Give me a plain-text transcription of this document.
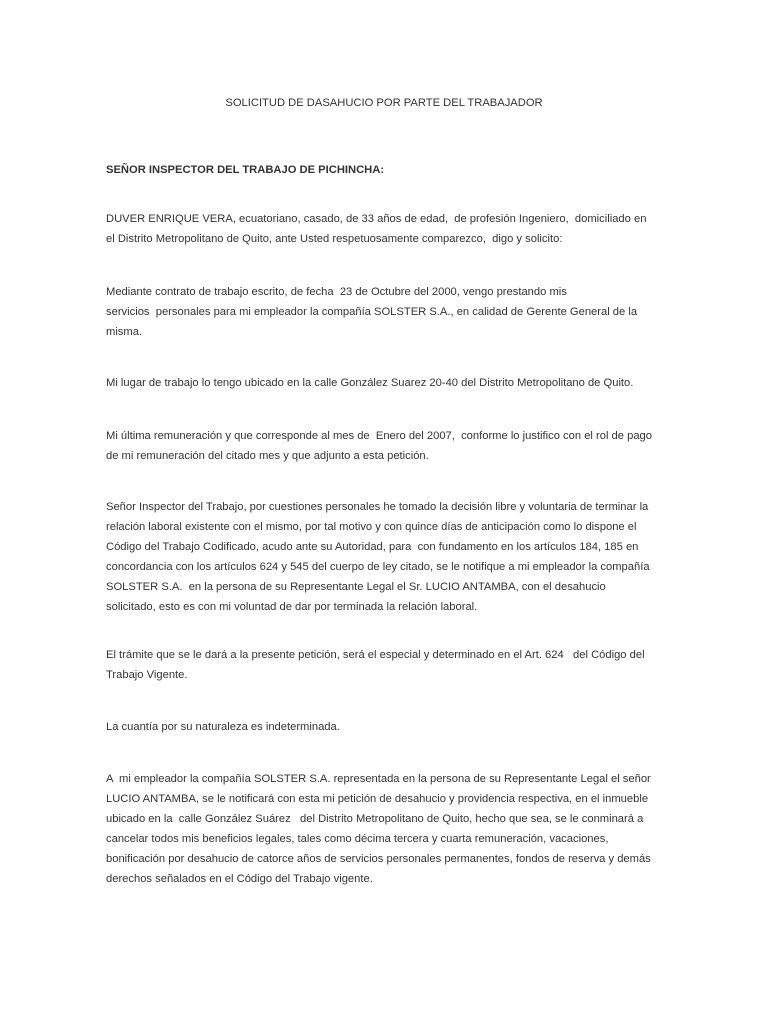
SOLICITUD DE DASAHUCIO POR PARTE DEL TRABAJADOR

SEÑOR INSPECTOR DEL TRABAJO DE PICHINCHA:

DUVER ENRIQUE VERA, ecuatoriano, casado, de 33 años de edad,  de profesión Ingeniero,  domiciliado en
el Distrito Metropolitano de Quito, ante Usted respetuosamente comparezco,  digo y solicito:

Mediante contrato de trabajo escrito, de fecha  23 de Octubre del 2000, vengo prestando mis
servicios  personales para mi empleador la compañía SOLSTER S.A., en calidad de Gerente General de la
misma.

Mi lugar de trabajo lo tengo ubicado en la calle González Suarez 20-40 del Distrito Metropolitano de Quito.

Mi última remuneración y que corresponde al mes de  Enero del 2007,  conforme lo justifico con el rol de pago
de mi remuneración del citado mes y que adjunto a esta petición.

Señor Inspector del Trabajo, por cuestiones personales he tomado la decisión libre y voluntaria de terminar la
relación laboral existente con el mismo, por tal motivo y con quince días de anticipación como lo dispone el
Código del Trabajo Codificado, acudo ante su Autoridad, para  con fundamento en los artículos 184, 185 en
concordancia con los artículos 624 y 545 del cuerpo de ley citado, se le notifique a mi empleador la compañía
SOLSTER S.A.  en la persona de su Representante Legal el Sr. LUCIO ANTAMBA, con el desahucio
solicitado, esto es con mi voluntad de dar por terminada la relación laboral.

El trámite que se le dará a la presente petición, será el especial y determinado en el Art. 624   del Código del
Trabajo Vigente.

La cuantía por su naturaleza es indeterminada.

A  mi empleador la compañía SOLSTER S.A. representada en la persona de su Representante Legal el señor
LUCIO ANTAMBA, se le notificará con esta mi petición de desahucio y providencia respectiva, en el inmueble
ubicado en la  calle González Suárez   del Distrito Metropolitano de Quito, hecho que sea, se le conminará a
cancelar todos mis beneficios legales, tales como décima tercera y cuarta remuneración, vacaciones,
bonificación por desahucio de catorce años de servicios personales permanentes, fondos de reserva y demás
derechos señalados en el Código del Trabajo vigente.
